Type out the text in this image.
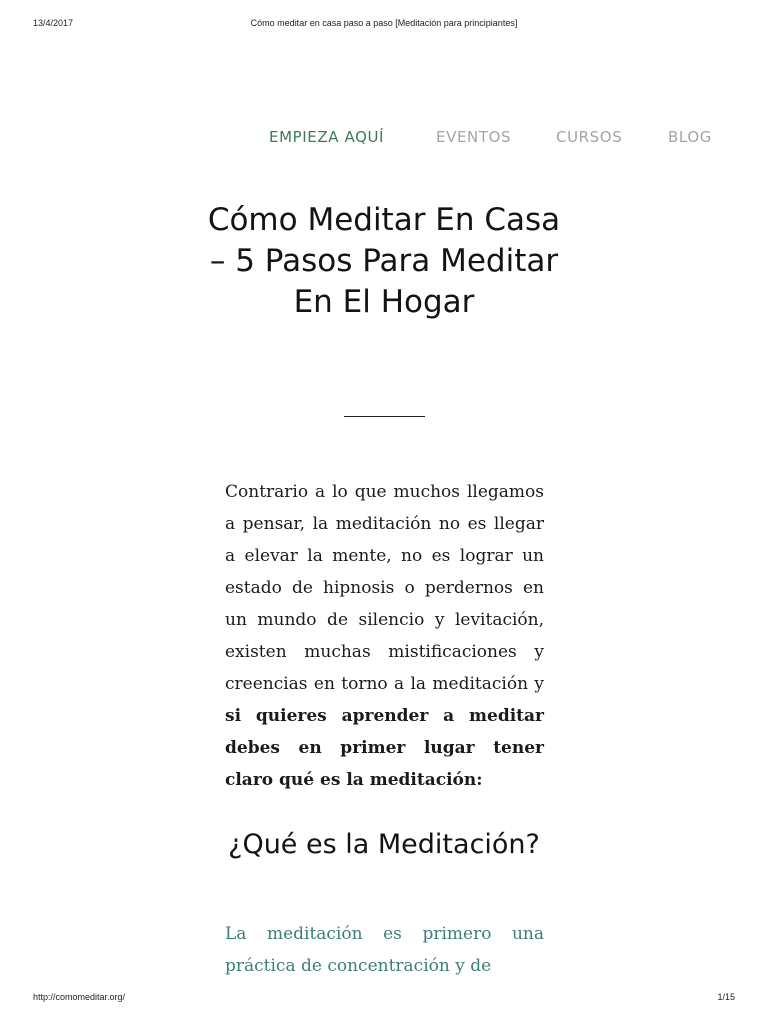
13/4/2017	Cómo meditar en casa paso a paso [Meditación para principiantes]
EMPIEZA AQUÍ	EVENTOS	CURSOS	BLOG
Cómo Meditar En Casa – 5 Pasos Para Meditar En El Hogar

Contrario a lo que muchos llegamos a pensar, la meditación no es llegar a elevar la mente, no es lograr un estado de hipnosis o perdernos en un mundo de silencio y levitación, existen muchas mistificaciones y creencias en torno a la meditación y si quieres aprender a meditar debes en primer lugar tener claro qué es la meditación:

¿Qué es la Meditación?

La meditación es primero una práctica de concentración y de

http://comomeditar.org/	1/15
